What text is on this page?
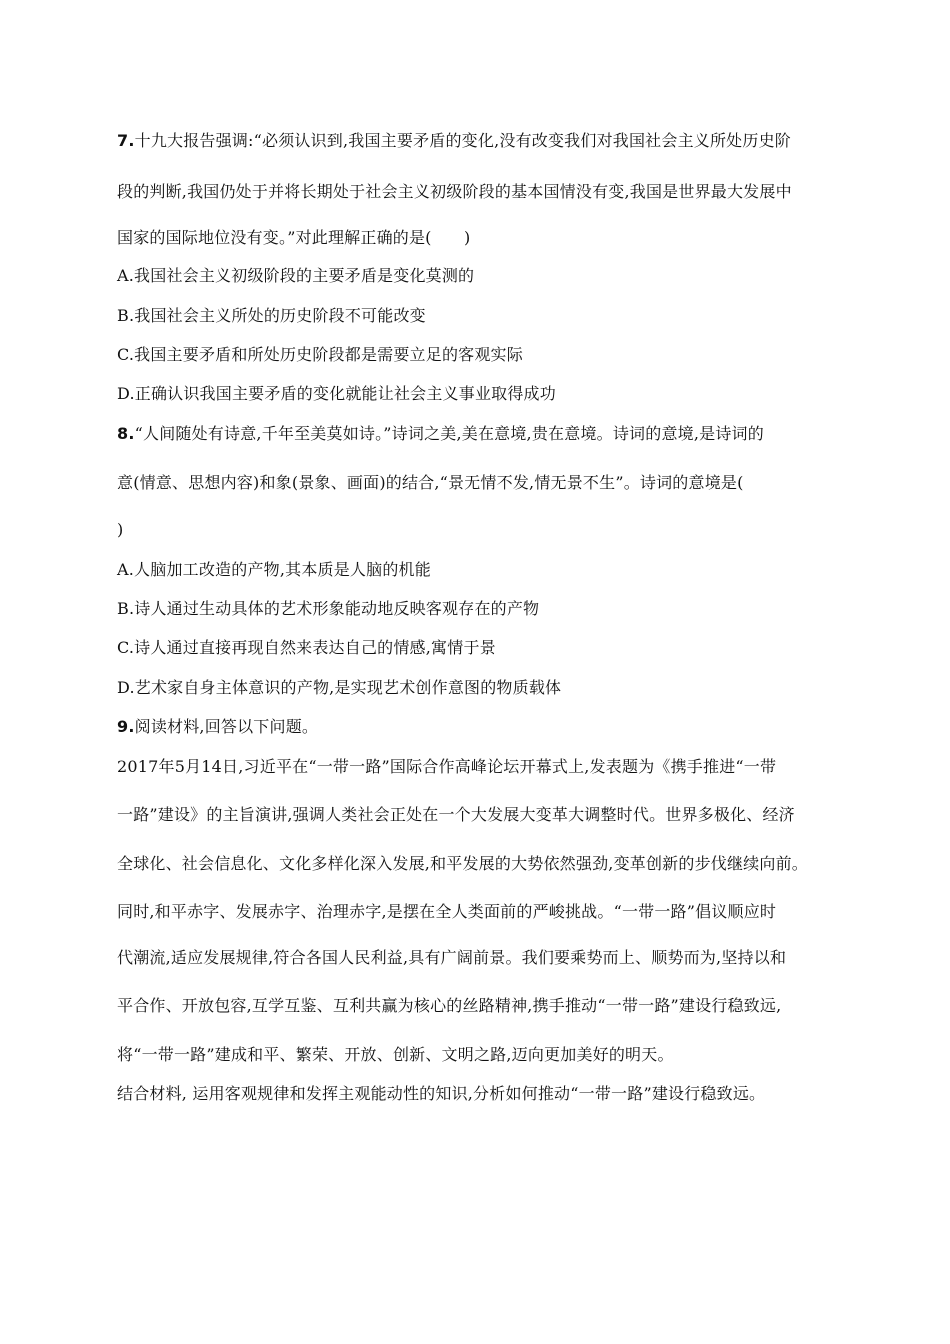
7.十九大报告强调:“必须认识到,我国主要矛盾的变化,没有改变我们对我国社会主义所处历史阶
段的判断,我国仍处于并将长期处于社会主义初级阶段的基本国情没有变,我国是世界最大发展中
国家的国际地位没有变。”对此理解正确的是(　　)
A.我国社会主义初级阶段的主要矛盾是变化莫测的
B.我国社会主义所处的历史阶段不可能改变
C.我国主要矛盾和所处历史阶段都是需要立足的客观实际
D.正确认识我国主要矛盾的变化就能让社会主义事业取得成功
8.“人间随处有诗意,千年至美莫如诗。”诗词之美,美在意境,贵在意境。诗词的意境,是诗词的
意(情意、思想内容)和象(景象、画面)的结合,“景无情不发,情无景不生”。诗词的意境是(
)
A.人脑加工改造的产物,其本质是人脑的机能
B.诗人通过生动具体的艺术形象能动地反映客观存在的产物
C.诗人通过直接再现自然来表达自己的情感,寓情于景
D.艺术家自身主体意识的产物,是实现艺术创作意图的物质载体
9.阅读材料,回答以下问题。
2017年5月14日,习近平在“一带一路”国际合作高峰论坛开幕式上,发表题为《携手推进“一带
一路”建设》的主旨演讲,强调人类社会正处在一个大发展大变革大调整时代。世界多极化、经济
全球化、社会信息化、文化多样化深入发展,和平发展的大势依然强劲,变革创新的步伐继续向前。
同时,和平赤字、发展赤字、治理赤字,是摆在全人类面前的严峻挑战。“一带一路”倡议顺应时
代潮流,适应发展规律,符合各国人民利益,具有广阔前景。我们要乘势而上、顺势而为,坚持以和
平合作、开放包容,互学互鉴、互利共赢为核心的丝路精神,携手推动“一带一路”建设行稳致远,
将“一带一路”建成和平、繁荣、开放、创新、文明之路,迈向更加美好的明天。
结合材料, 运用客观规律和发挥主观能动性的知识,分析如何推动“一带一路”建设行稳致远。
